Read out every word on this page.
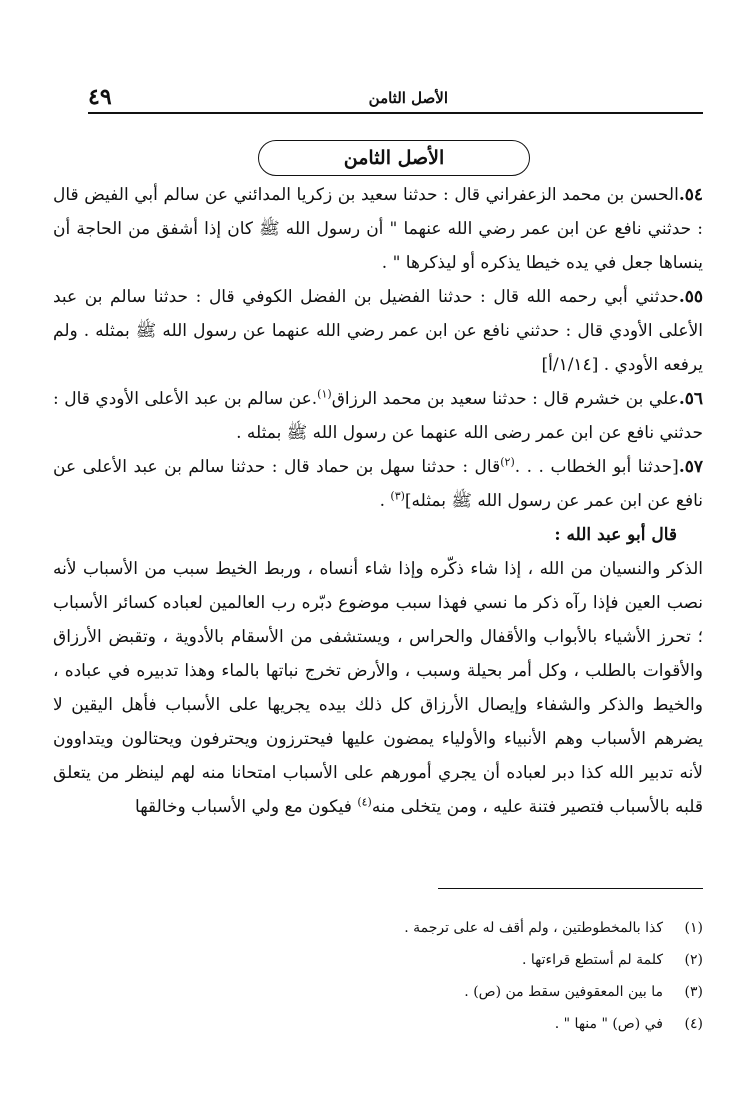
الأصل الثامن
٤٩
الأصل الثامن

٥٤.الحسن بن محمد الزعفراني قال : حدثنا سعيد بن زكريا المدائني عن سالم أبي الفيض قال : حدثني نافع عن ابن عمر رضي الله عنهما " أن رسول الله ﷺ كان إذا أشفق من الحاجة أن ينساها جعل في يده خيطا يذكره أو ليذكرها " .

٥٥.حدثني أبي رحمه الله قال : حدثنا الفضيل بن الفضل الكوفي قال : حدثنا سالم بن عبد الأعلى الأودي قال : حدثني نافع عن ابن عمر رضي الله عنهما عن رسول الله ﷺ بمثله . ولم يرفعه الأودي . [١/١٤/أ]

٥٦.علي بن خشرم قال : حدثنا سعيد بن محمد الرزاق$^{(١)}$.عن سالم بن عبد الأعلى الأودي قال : حدثني نافع عن ابن عمر رضى الله عنهما عن رسول الله ﷺ بمثله .

٥٧.[حدثنا أبو الخطاب . . .$^{(٢)}$قال : حدثنا سهل بن حماد قال : حدثنا سالم بن عبد الأعلى عن نافع عن ابن عمر عن رسول الله ﷺ بمثله]$^{(٣)}$ .

قال أبو عبد الله :

الذكر والنسيان من الله ، إذا شاء ذكّره وإذا شاء أنساه ، وربط الخيط سبب من الأسباب لأنه نصب العين فإذا رآه ذكر ما نسي فهذا سبب موضوع دبّره رب العالمين لعباده كسائر الأسباب ؛ تحرز الأشياء بالأبواب والأقفال والحراس ، ويستشفى من الأسقام بالأدوية ، وتقبض الأرزاق والأقوات بالطلب ، وكل أمر بحيلة وسبب ، والأرض تخرج نباتها بالماء وهذا تدبيره في عباده ، والخيط والذكر والشفاء وإيصال الأرزاق كل ذلك بيده يجريها على الأسباب فأهل اليقين لا يضرهم الأسباب وهم الأنبياء والأولياء يمضون عليها فيحترزون ويحترفون ويحتالون ويتداوون لأنه تدبير الله كذا دبر لعباده أن يجري أمورهم على الأسباب امتحانا منه لهم لينظر من يتعلق قلبه بالأسباب فتصير فتنة عليه ، ومن يتخلى منه$^{(٤)}$ فيكون مع ولي الأسباب وخالقها

(١)كذا بالمخطوطتين ، ولم أقف له على ترجمة .

(٢)كلمة لم أستطع قراءتها .

(٣)ما بين المعقوفين سقط من (ص) .

(٤)في (ص) " منها " .
